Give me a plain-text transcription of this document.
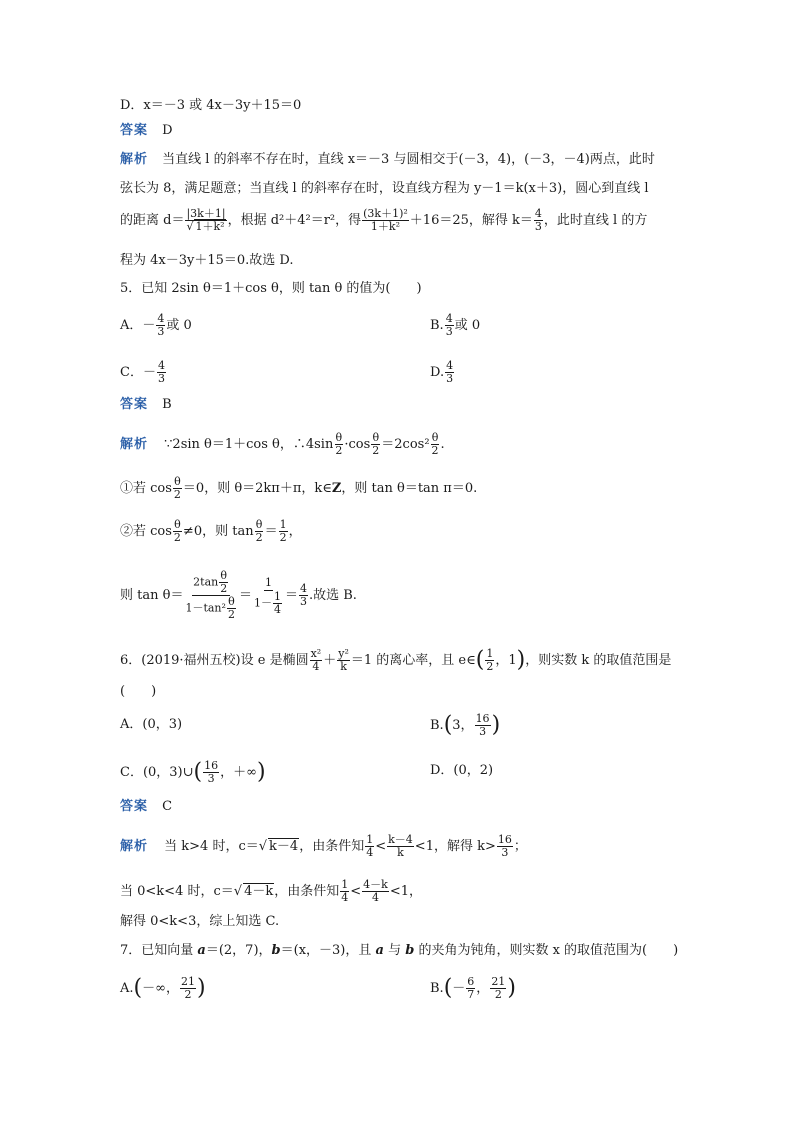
D．x＝－3 或 4x－3y＋15＝0
答案 D
解析 当直线 l 的斜率不存在时，直线 x＝－3 与圆相交于(－3，4)，(－3，－4)两点，此时
弦长为 8，满足题意；当直线 l 的斜率存在时，设直线方程为 y－1＝k(x＋3)，圆心到直线 l
的距离 $d= \frac{|3k+1|}{\text{√ 1＋k²}}$ ，根据 d²＋4²＝r²，得 $\frac{\text{(3k＋1)²}}{\text{1＋k²}} +16=25$，解得 $k= \frac{4}{3}$ ，此时直线 l 的方
程为 4x－3y＋15＝0.故选 D.
5．已知 2sin θ＝1＋cos θ，则 tan θ 的值为(　　)
A．－ $\frac{4}{3}$ 或 0	B. $\frac{4}{3}$ 或 0
C．－ $\frac{4}{3}$	D. $\frac{4}{3}$
答案 B
解析 ∵2sin θ＝1＋cos θ，∴4sin $\frac{\theta}{2} \cdot\cos \frac{\theta}{2} =2\cos^2 \frac{\theta}{2}$ .
①若 $\cos \frac{\theta}{2} =0$，则 θ＝2kπ＋π，k∈Z，则 tan θ＝tan π＝0.
②若 $\cos \frac{\theta}{2} \ne 0$，则 $\tan \frac{\theta}{2} = \frac{1}{2}$ ，
则 $\tan \theta= \frac{2\tan \frac{\theta}{2}}{1-\tan^2 \frac{\theta}{2}} = \frac{1}{1- \frac{1}{4}} = \frac{4}{3}$ .故选 B.
6．(2019·福州五校)设 e 是椭圆 $\frac{\text{x²}}{4} + \frac{\text{y²}}{k} =1$ 的离心率，且 e∈( $\frac{1}{2}$ ，1)，则实数 k 的取值范围是
(　　)
A．(0，3)	B.(3， $\frac{16}{3}$ )
C．(0，3)∪( $\frac{16}{3}$ ，＋∞)	D．(0，2)
答案 C
解析 当 k>4 时，c＝√ k－4，由条件知 $\frac{1}{4} < \frac{k-4}{k} <1$，解得 $k> \frac{16}{3}$ ；
当 0<k<4 时，c＝√ 4－k，由条件知 $\frac{1}{4} < \frac{4-k}{4} <1$，
解得 0<k<3，综上知选 C.
7．已知向量 a＝(2，7)，b＝(x，－3)，且 a 与 b 的夹角为钝角，则实数 x 的取值范围为(　　)
A.(－∞， $\frac{21}{2}$ )	$B.(- \frac{6}{7}$ ， $\frac{21}{2}$ )
